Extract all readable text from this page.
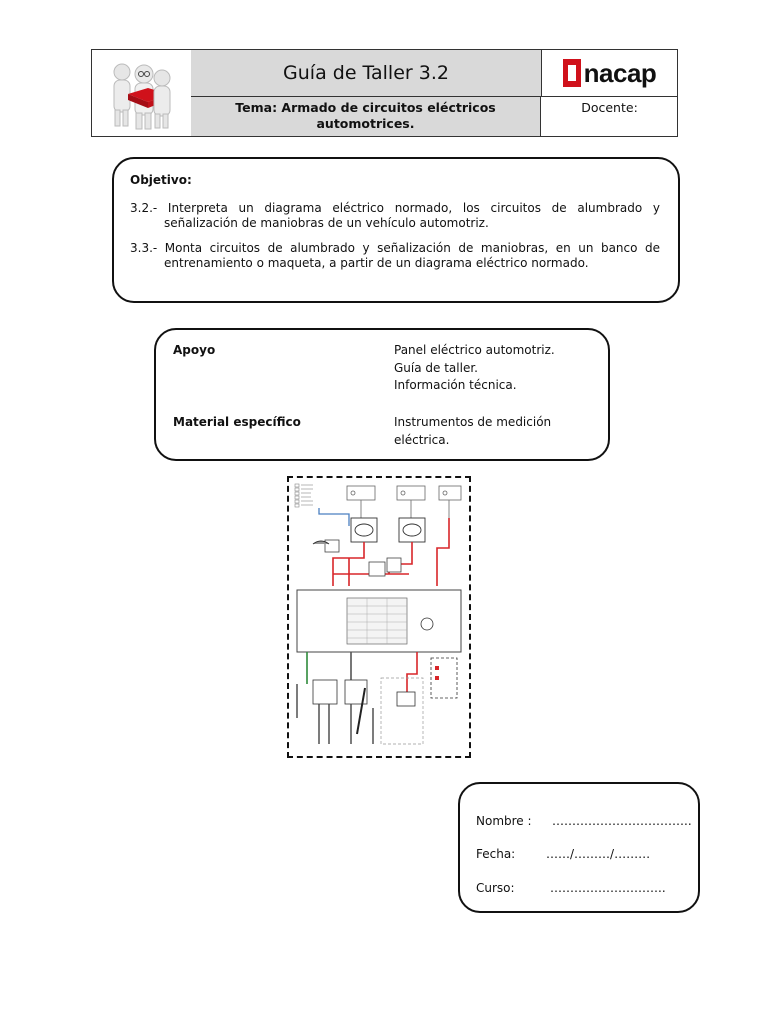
Guía de Taller 3.2
Tema: Armado de circuitos eléctricos
automotrices.
nacap
Docente:
Objetivo:

3.2.- Interpreta un diagrama eléctrico normado, los circuitos de alumbrado y señalización de maniobras de un vehículo automotriz.

3.3.- Monta circuitos de alumbrado y señalización de maniobras, en un banco de entrenamiento o maqueta, a partir de un diagrama eléctrico normado.

Apoyo	Panel eléctrico automotriz.
Guía de taller.
Información técnica.
Material específico	Instrumentos de medición
eléctrica.
Nombre : ……………………………..
Fecha:	……/………/………
Curso:	………………………..
